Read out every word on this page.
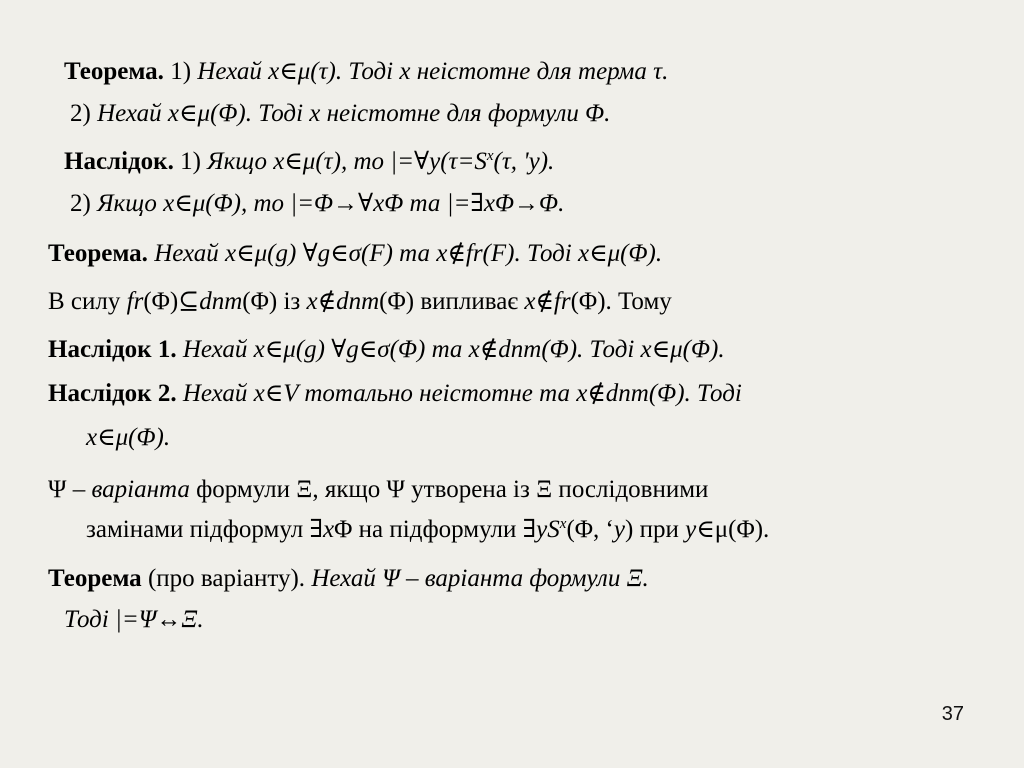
Теорема. 1) Нехай x∈μ(τ). Тоді x неістотне для терма τ.
2) Нехай x∈μ(Φ). Тоді x неістотне для формули Φ.
Наслідок. 1) Якщо x∈μ(τ), то $|=\forall y(\tau=S^x(\tau$, 'y).
2) Якщо x∈μ(Φ), то |=Φ→∀xΦ та |=∃xΦ→Φ.
Теорема. Нехай x∈μ(g) ∀g∈σ(F) та x∉fr(F). Тоді x∈μ(Φ).
В силу fr(Φ)⊆dnm(Φ) із x∉dnm(Φ) випливає x∉fr(Φ). Тому
Наслідок 1. Нехай x∈μ(g) ∀g∈σ(Φ) та x∉dnm(Φ). Тоді x∈μ(Φ).
Наслідок 2. Нехай x∈V тотально неістотне та x∉dnm(Φ). Тоді
x∈μ(Φ).
Ψ – варіанта формули Ξ, якщо Ψ утворена із Ξ послідовними
замінами підформул ∃xΦ на підформули $\exists yS^x(\Phi$, ‘y) при y∈μ(Φ).
Теорема (про варіанту). Нехай Ψ – варіанта формули Ξ.
Тоді |=Ψ↔Ξ.
37
